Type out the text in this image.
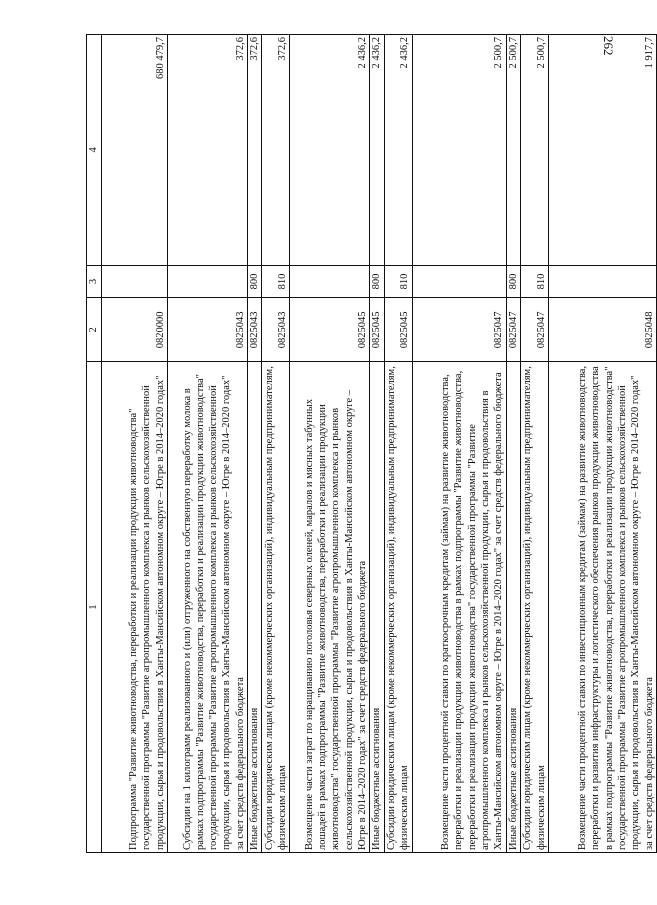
262
1	2	3	4
Подпрограмма "Развитие животноводства, переработки и реализации продукции животноводства" государственной программы "Развитие агропромышленного комплекса и рынков сельскохозяйственной продукции, сырья и продовольствия в Ханты-Мансийском автономном округе – Югре в 2014–2020 годах"	0820000		680 479,7
Субсидии на 1 килограмм реализованного и (или) отгруженного на собственную переработку молока в рамках подпрограммы "Развитие животноводства, переработки и реализации продукции животноводства" государственной программы "Развитие агропромышленного комплекса и рынков сельскохозяйственной продукции, сырья и продовольствия в Ханты-Мансийском автономном округе – Югре в 2014–2020 годах" за счет средств федерального бюджета	0825043		372,6
Иные бюджетные ассигнования	0825043	800	372,6
Субсидии юридическим лицам (кроме некоммерческих организаций), индивидуальным предпринимателям, физическим лицам	0825043	810	372,6
Возмещение части затрат по наращиванию поголовья северных оленей, маралов и мясных табунных лошадей в рамках подпрограммы "Развитие животноводства, переработки и реализации продукции животноводства" государственной программы "Развитие агропромышленного комплекса и рынков сельскохозяйственной продукции, сырья и продовольствия в Ханты-Мансийском автономном округе – Югре в 2014–2020 годах" за счет средств федерального бюджета	0825045		2 436,2
Иные бюджетные ассигнования	0825045	800	2 436,2
Субсидии юридическим лицам (кроме некоммерческих организаций), индивидуальным предпринимателям, физическим лицам	0825045	810	2 436,2
Возмещение части процентной ставки по краткосрочным кредитам (займам) на развитие животноводства, переработки и реализации продукции животноводства в рамках подпрограммы "Развитие животноводства, переработки и реализации продукции животноводства" государственной программы "Развитие агропромышленного комплекса и рынков сельскохозяйственной продукции, сырья и продовольствия в Ханты-Мансийском автономном округе – Югре в 2014–2020 годах" за счет средств федерального бюджета	0825047		2 500,7
Иные бюджетные ассигнования	0825047	800	2 500,7
Субсидии юридическим лицам (кроме некоммерческих организаций), индивидуальным предпринимателям, физическим лицам	0825047	810	2 500,7
Возмещение части процентной ставки по инвестиционным кредитам (займам) на развитие животноводства, переработки и развития инфраструктуры и логистического обеспечения рынков продукции животноводства в рамках подпрограммы "Развитие животноводства, переработки и реализации продукции животноводства" государственной программы "Развитие агропромышленного комплекса и рынков сельскохозяйственной продукции, сырья и продовольствия в Ханты-Мансийском автономном округе – Югре в 2014–2020 годах" за счет средств федерального бюджета	0825048		1 917,7
